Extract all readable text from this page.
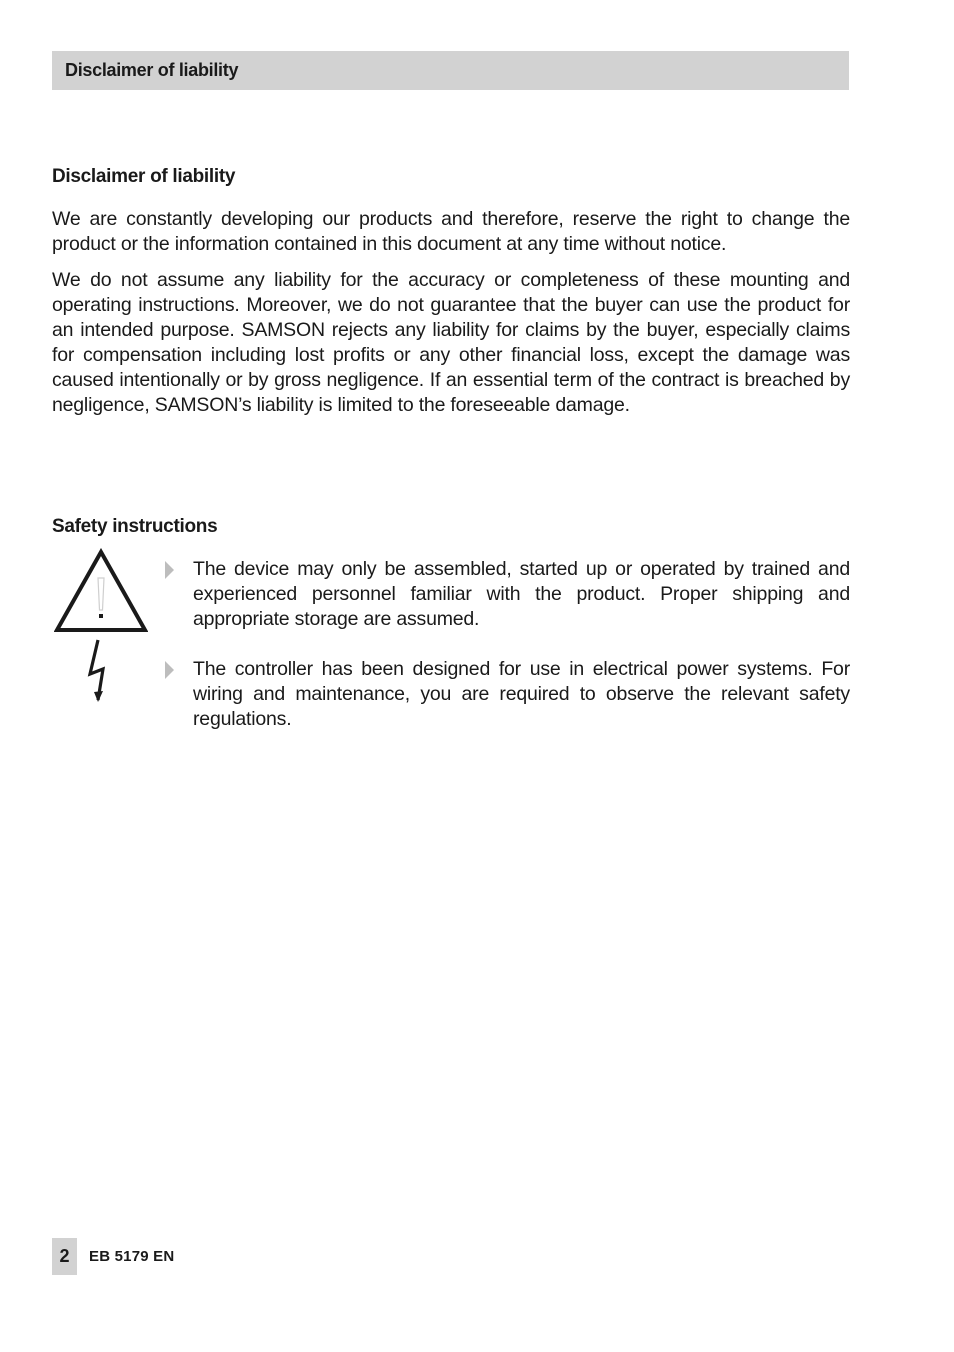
Disclaimer of liability
Disclaimer of liability
We are constantly developing our products and therefore, reserve the right to change the product or the information contained in this document at any time without notice.
We do not assume any liability for the accuracy or completeness of these mounting and operating instructions. Moreover, we do not guarantee that the buyer can use the product for an intended purpose. SAMSON rejects any liability for claims by the buyer, especially claims for compensation including lost profits or any other financial loss, except the damage was caused intentionally or by gross negligence. If an essential term of the contract is breached by negligence, SAMSON’s liability is limited to the foreseeable damage.
Safety instructions
The device may only be assembled, started up or operated by trained and experienced personnel familiar with the product. Proper shipping and appropriate storage are assumed.
The controller has been designed for use in electrical power systems. For wiring and maintenance, you are required to observe the relevant safety regulations.
2 EB 5179 EN
